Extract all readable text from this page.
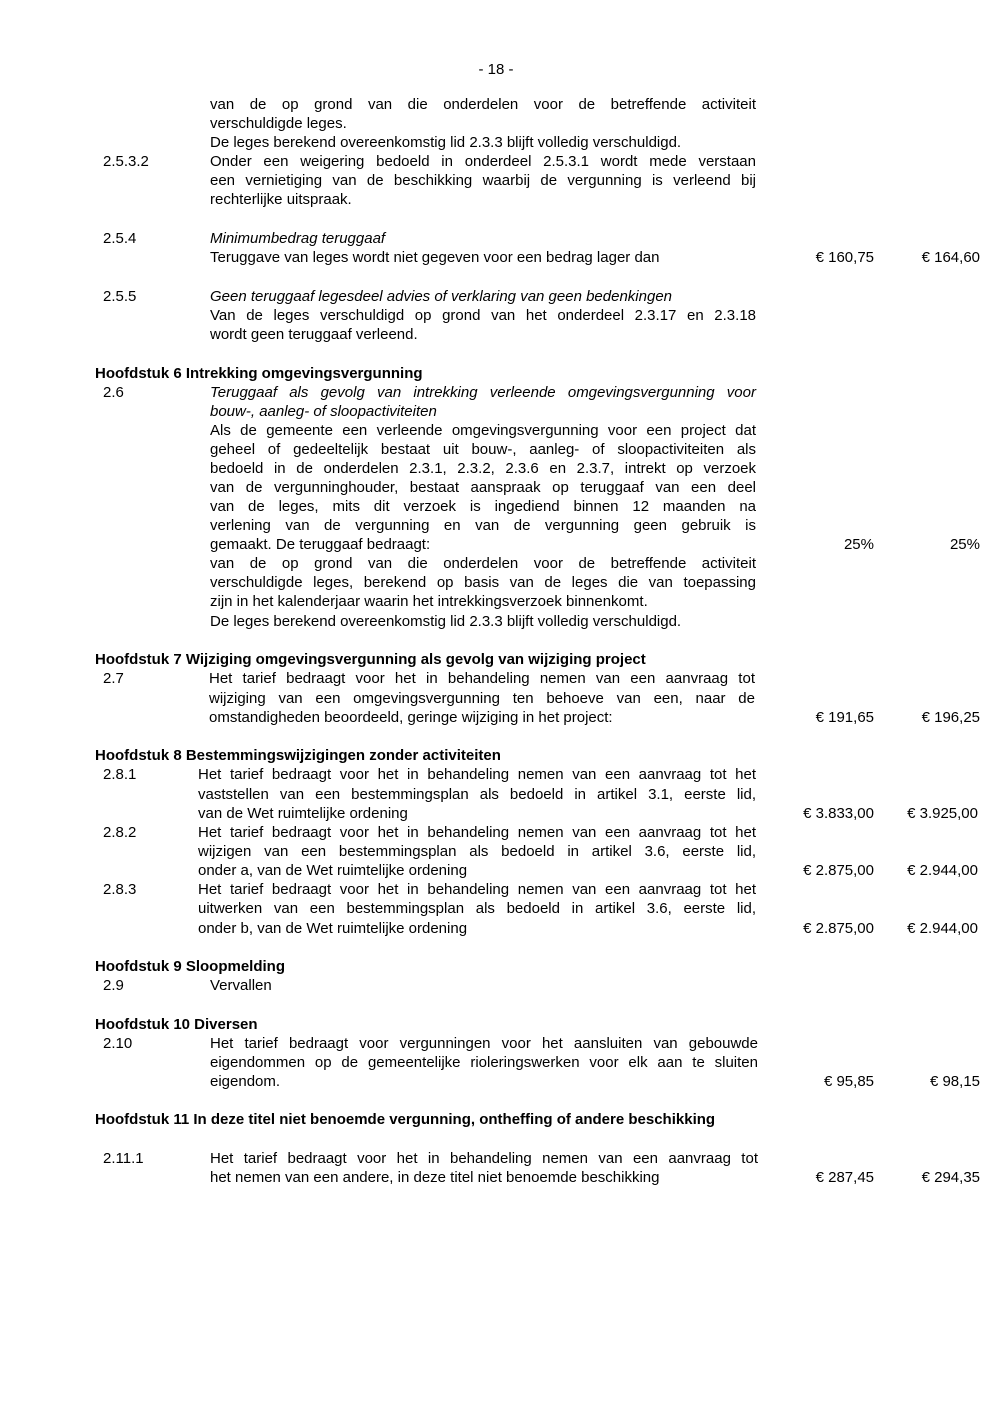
- 18 -
van de op grond van die onderdelen voor de betreffende activiteit
verschuldigde leges.
De leges berekend overeenkomstig lid 2.3.3 blijft volledig verschuldigd.
2.5.3.2	Onder een weigering bedoeld in onderdeel 2.5.3.1 wordt mede verstaan
een vernietiging van de beschikking waarbij de vergunning is verleend bij
rechterlijke uitspraak.
2.5.4	Minimumbedrag teruggaaf
Teruggave van leges wordt niet gegeven voor een bedrag lager dan	€ 160,75	€ 164,60
2.5.5	Geen teruggaaf legesdeel advies of verklaring van geen bedenkingen
Van de leges verschuldigd op grond van het onderdeel 2.3.17 en 2.3.18
wordt geen teruggaaf verleend.
Hoofdstuk 6 Intrekking omgevingsvergunning
2.6	Teruggaaf als gevolg van intrekking verleende omgevingsvergunning voor
bouw-, aanleg- of sloopactiviteiten
Als de gemeente een verleende omgevingsvergunning voor een project dat
geheel of gedeeltelijk bestaat uit bouw-, aanleg- of sloopactiviteiten als
bedoeld in de onderdelen 2.3.1, 2.3.2, 2.3.6 en 2.3.7, intrekt op verzoek
van de vergunninghouder, bestaat aanspraak op teruggaaf van een deel
van de leges, mits dit verzoek is ingediend binnen 12 maanden na
verlening van de vergunning en van de vergunning geen gebruik is
gemaakt. De teruggaaf bedraagt:	25%	25%
van de op grond van die onderdelen voor de betreffende activiteit
verschuldigde leges, berekend op basis van de leges die van toepassing
zijn in het kalenderjaar waarin het intrekkingsverzoek binnenkomt.
De leges berekend overeenkomstig lid 2.3.3 blijft volledig verschuldigd.
Hoofdstuk 7 Wijziging omgevingsvergunning als gevolg van wijziging project
2.7	Het tarief bedraagt voor het in behandeling nemen van een aanvraag tot
wijziging van een omgevingsvergunning ten behoeve van een, naar de
omstandigheden beoordeeld, geringe wijziging in het project:	€ 191,65	€ 196,25
Hoofdstuk 8 Bestemmingswijzigingen zonder activiteiten
2.8.1	Het tarief bedraagt voor het in behandeling nemen van een aanvraag tot het
vaststellen van een bestemmingsplan als bedoeld in artikel 3.1, eerste lid,
van de Wet ruimtelijke ordening	€ 3.833,00 € 3.925,00
2.8.2	Het tarief bedraagt voor het in behandeling nemen van een aanvraag tot het
wijzigen van een bestemmingsplan als bedoeld in artikel 3.6, eerste lid,
onder a, van de Wet ruimtelijke ordening	€ 2.875,00 € 2.944,00
2.8.3	Het tarief bedraagt voor het in behandeling nemen van een aanvraag tot het
uitwerken van een bestemmingsplan als bedoeld in artikel 3.6, eerste lid,
onder b, van de Wet ruimtelijke ordening	€ 2.875,00 € 2.944,00
Hoofdstuk 9 Sloopmelding
2.9	Vervallen
Hoofdstuk 10 Diversen
2.10	Het tarief bedraagt voor vergunningen voor het aansluiten van gebouwde
eigendommen op de gemeentelijke rioleringswerken voor elk aan te sluiten
eigendom.	€ 95,85	€ 98,15
Hoofdstuk 11 In deze titel niet benoemde vergunning, ontheffing of andere beschikking
2.11.1	Het tarief bedraagt voor het in behandeling nemen van een aanvraag tot
het nemen van een andere, in deze titel niet benoemde beschikking	€ 287,45	€ 294,35
